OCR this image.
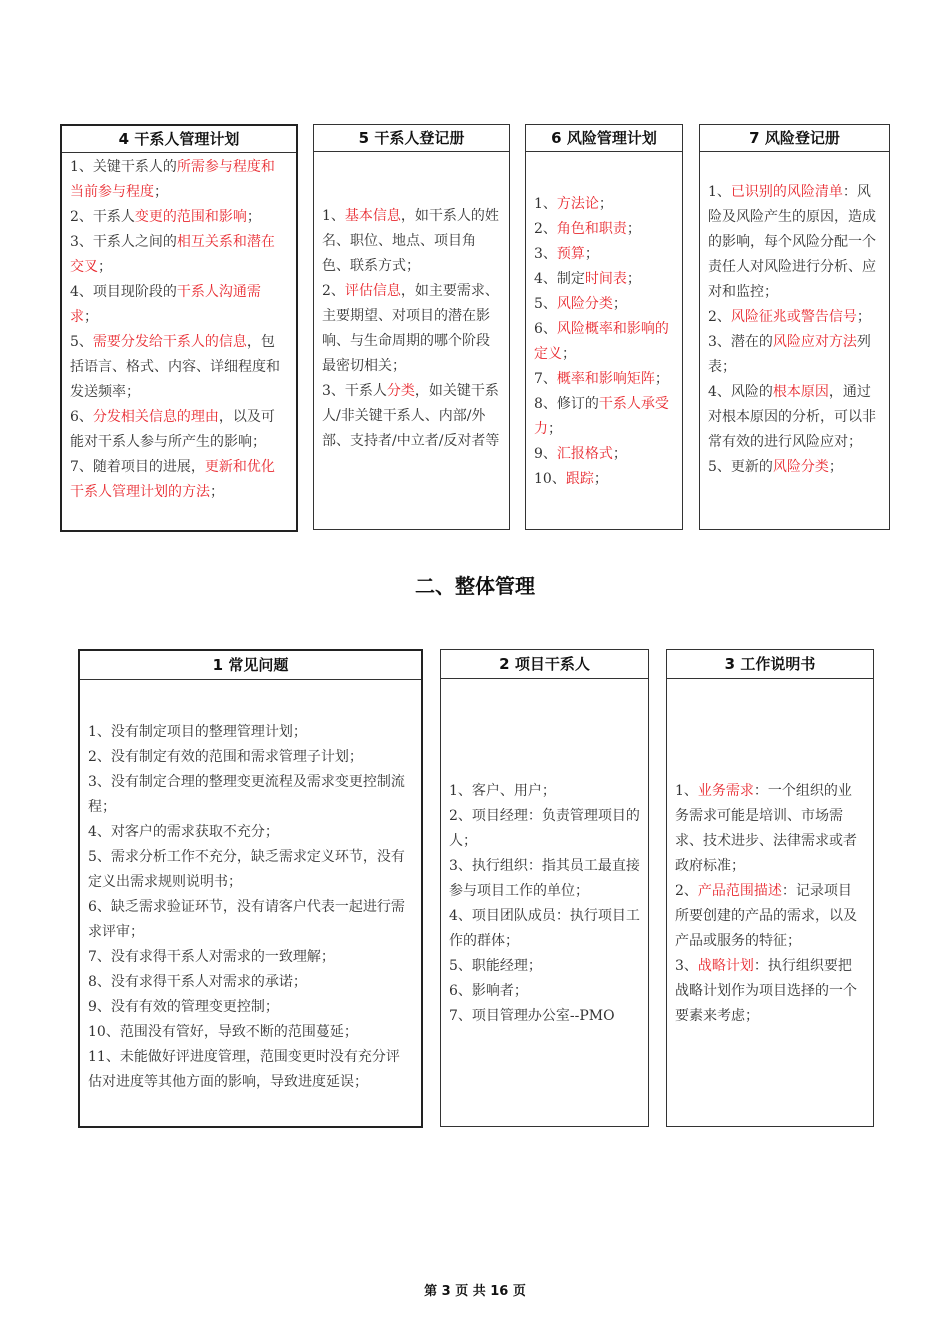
4 干系人管理计划

1、关键干系人的所需参与程度和当前参与程度；

2、干系人变更的范围和影响；

3、干系人之间的相互关系和潜在交叉；

4、项目现阶段的干系人沟通需求；

5、需要分发给干系人的信息，包括语言、格式、内容、详细程度和发送频率；

6、分发相关信息的理由，以及可能对干系人参与所产生的影响；

7、随着项目的进展，更新和优化干系人管理计划的方法；

5 干系人登记册

1、基本信息，如干系人的姓名、职位、地点、项目角色、联系方式；

2、评估信息，如主要需求、主要期望、对项目的潜在影响、与生命周期的哪个阶段最密切相关；

3、干系人分类，如关键干系人/非关键干系人、内部/外部、支持者/中立者/反对者等

6 风险管理计划

1、方法论；

2、角色和职责；

3、预算；

4、制定时间表；

5、风险分类；

6、风险概率和影响的定义；

7、概率和影响矩阵；

8、修订的干系人承受力；

9、汇报格式；

10、跟踪；

7 风险登记册

1、已识别的风险清单：风险及风险产生的原因，造成的影响，每个风险分配一个责任人对风险进行分析、应对和监控；

2、风险征兆或警告信号；

3、潜在的风险应对方法列表；

4、风险的根本原因，通过对根本原因的分析，可以非常有效的进行风险应对；

5、更新的风险分类；

二、整体管理
1 常见问题

1、没有制定项目的整理管理计划；

2、没有制定有效的范围和需求管理子计划；

3、没有制定合理的整理变更流程及需求变更控制流程；

4、对客户的需求获取不充分；

5、需求分析工作不充分，缺乏需求定义环节，没有定义出需求规则说明书；

6、缺乏需求验证环节，没有请客户代表一起进行需求评审；

7、没有求得干系人对需求的一致理解；

8、没有求得干系人对需求的承诺；

9、没有有效的管理变更控制；

10、范围没有管好，导致不断的范围蔓延；

11、未能做好评进度管理，范围变更时没有充分评估对进度等其他方面的影响，导致进度延误；

2 项目干系人

1、客户、用户；

2、项目经理：负责管理项目的人；

3、执行组织：指其员工最直接参与项目工作的单位；

4、项目团队成员：执行项目工作的群体；

5、职能经理；

6、影响者；

7、项目管理办公室--PMO

3 工作说明书

1、业务需求：一个组织的业务需求可能是培训、市场需求、技术进步、法律需求或者政府标准；

2、产品范围描述：记录项目所要创建的产品的需求，以及产品或服务的特征；

3、战略计划：执行组织要把战略计划作为项目选择的一个要素来考虑；

第 3 页 共 16 页
